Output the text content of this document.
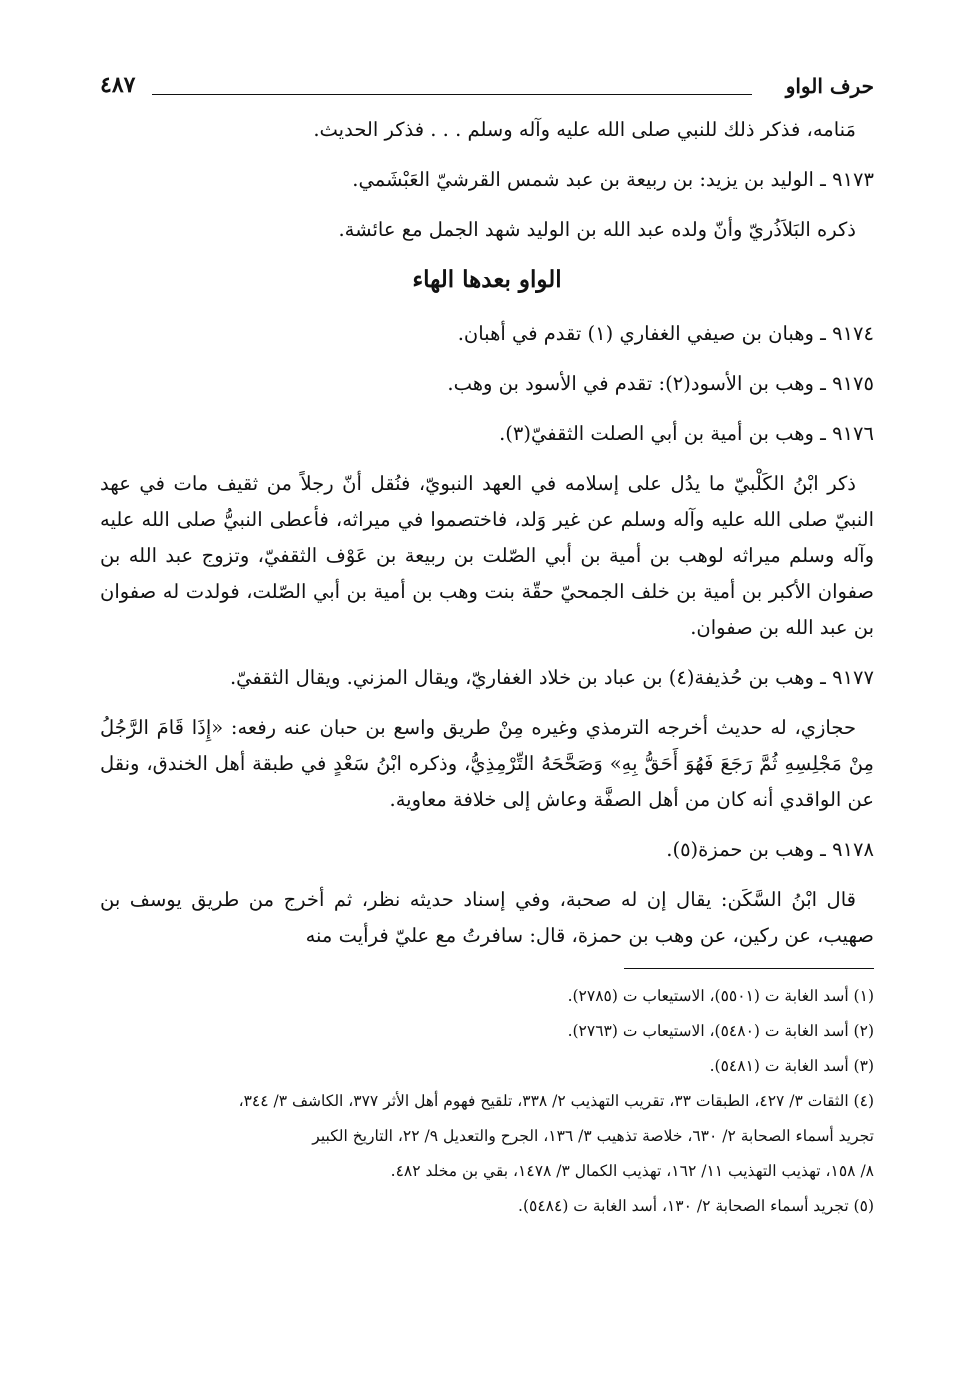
حرف الواو
٤٨٧

مَنامه، فذكر ذلك للنبي صلى الله عليه وآله وسلم . . . فذكر الحديث.

٩١٧٣ ـ الوليد بن يزيد: بن ربيعة بن عبد شمس القرشيّ العَبْشَمي.

ذكره البَلاَذُريّ وأنّ ولده عبد الله بن الوليد شهد الجمل مع عائشة.

الواو بعدها الهاء

٩١٧٤ ـ وهبان بن صيفي الغفاري (١) تقدم في أهبان.

٩١٧٥ ـ وهب بن الأسود(٢): تقدم في الأسود بن وهب.

٩١٧٦ ـ وهب بن أمية بن أبي الصلت الثقفيّ(٣).

ذكر ابْنُ الكَلْبيّ ما يدُل على إسلامه في العهد النبويّ، فنُقل أنّ رجلاً من ثقيف مات في عهد النبيّ صلى الله عليه وآله وسلم عن غير وَلد، فاختصموا في ميراثه، فأعطى النبيُّ صلى الله عليه وآله وسلم ميراثه لوهب بن أمية بن أبي الصّلت بن ربيعة بن عَوْف الثقفيّ، وتزوج عبد الله بن صفوان الأكبر بن أمية بن خلف الجمحيّ حقّة بنت وهب بن أمية بن أبي الصّلت، فولدت له صفوان بن عبد الله بن صفوان.

٩١٧٧ ـ وهب بن حُذيفة(٤) بن عباد بن خلاد الغفاريّ، ويقال المزني. ويقال الثقفيّ.

حجازي، له حديث أخرجه الترمذي وغيره مِنْ طريق واسع بن حبان عنه رفعه: «إِذَا قَامَ الرَّجُلُ مِنْ مَجْلِسِهِ ثُمَّ رَجَعَ فَهُوَ أَحَقُّ بِهِ» وَصَحَّحَهُ التِّرْمِذِيُّ، وذكره ابْنُ سَعْدٍ في طبقة أهل الخندق، ونقل عن الواقدي أنه كان من أهل الصفَّة وعاش إلى خلافة معاوية.

٩١٧٨ ـ وهب بن حمزة(٥).

قال ابْنُ السَّكَن: يقال إن له صحبة، وفي إسناد حديثه نظر، ثم أخرج من طريق يوسف بن صهيب، عن ركين، عن وهب بن حمزة، قال: سافرتُ مع عليّ فرأيت منه

(١) أسد الغابة ت (٥٥٠١)، الاستيعاب ت (٢٧٨٥).

(٢) أسد الغابة ت (٥٤٨٠)، الاستيعاب ت (٢٧٦٣).

(٣) أسد الغابة ت (٥٤٨١).

(٤) الثقات ٣/ ٤٢٧، الطبقات ٣٣، تقريب التهذيب ٢/ ٣٣٨، تلقيح فهوم أهل الأثر ٣٧٧، الكاشف ٣/ ٣٤٤،

تجريد أسماء الصحابة ٢/ ٦٣٠، خلاصة تذهيب ٣/ ١٣٦، الجرح والتعديل ٩/ ٢٢، التاريخ الكبير

٨/ ١٥٨، تهذيب التهذيب ١١/ ١٦٢، تهذيب الكمال ٣/ ١٤٧٨، بقي بن مخلد ٤٨٢.

(٥) تجريد أسماء الصحابة ٢/ ١٣٠، أسد الغابة ت (٥٤٨٤).
